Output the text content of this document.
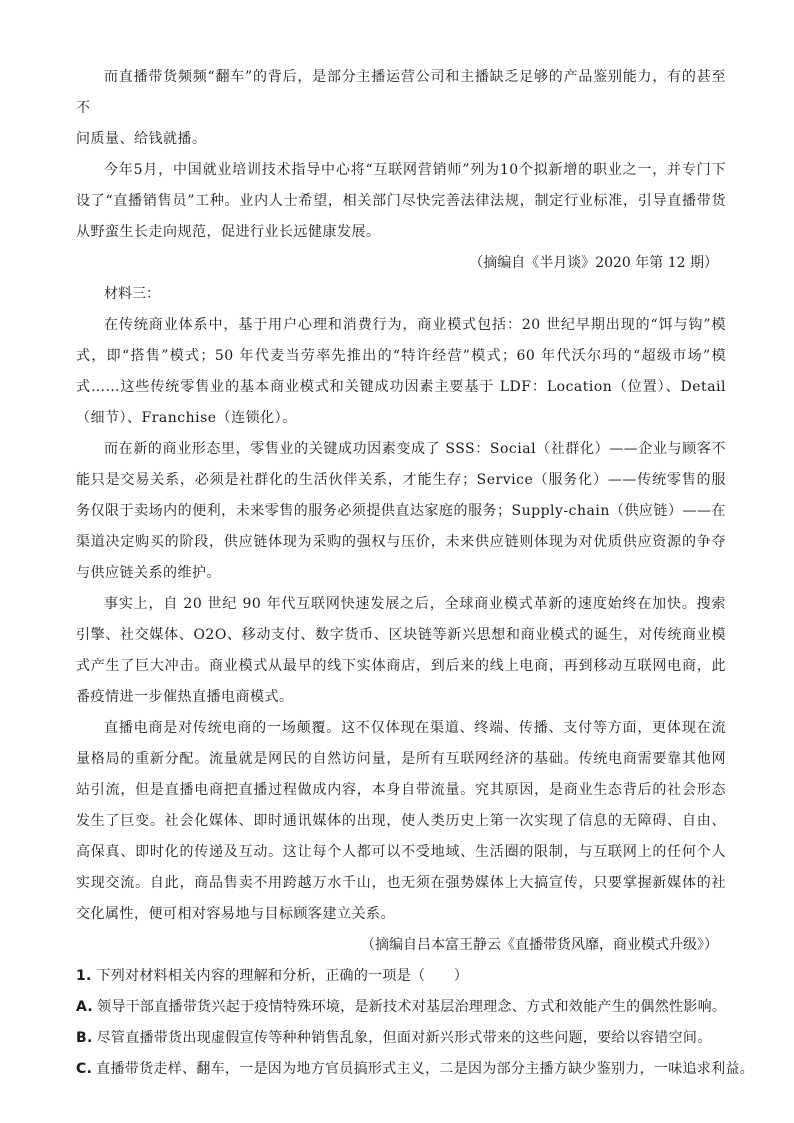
而直播带货频频“翻车”的背后，是部分主播运营公司和主播缺乏足够的产品鉴别能力，有的甚至不
问质量、给钱就播。

今年5月，中国就业培训技术指导中心将“互联网营销师”列为10个拟新增的职业之一，并专门下设了“直播销售员”工种。业内人士希望，相关部门尽快完善法律法规，制定行业标准，引导直播带货从野蛮生长走向规范，促进行业长远健康发展。

（摘编自《半月谈》2020 年第 12 期）

材料三：

在传统商业体系中，基于用户心理和消费行为，商业模式包括：20 世纪早期出现的“饵与钩”模式，即“搭售”模式；50 年代麦当劳率先推出的“特许经营”模式；60 年代沃尔玛的“超级市场”模式……这些传统零售业的基本商业模式和关键成功因素主要基于 LDF：Location（位置）、Detail（细节）、Franchise（连锁化）。

而在新的商业形态里，零售业的关键成功因素变成了 SSS：Social（社群化）——企业与顾客不能只是交易关系，必须是社群化的生活伙伴关系，才能生存；Service（服务化）——传统零售的服务仅限于卖场内的便利，未来零售的服务必须提供直达家庭的服务；Supply-chain（供应链）——在渠道决定购买的阶段，供应链体现为采购的强权与压价，未来供应链则体现为对优质供应资源的争夺与供应链关系的维护。

事实上，自 20 世纪 90 年代互联网快速发展之后，全球商业模式革新的速度始终在加快。搜索引擎、社交媒体、O2O、移动支付、数字货币、区块链等新兴思想和商业模式的诞生，对传统商业模式产生了巨大冲击。商业模式从最早的线下实体商店，到后来的线上电商，再到移动互联网电商，此番疫情进一步催热直播电商模式。

直播电商是对传统电商的一场颠覆。这不仅体现在渠道、终端、传播、支付等方面，更体现在流量格局的重新分配。流量就是网民的自然访问量，是所有互联网经济的基础。传统电商需要靠其他网站引流，但是直播电商把直播过程做成内容，本身自带流量。究其原因，是商业生态背后的社会形态发生了巨变。社会化媒体、即时通讯媒体的出现，使人类历史上第一次实现了信息的无障碍、自由、高保真、即时化的传递及互动。这让每个人都可以不受地域、生活圈的限制，与互联网上的任何个人实现交流。自此，商品售卖不用跨越万水千山，也无须在强势媒体上大搞宣传，只要掌握新媒体的社交化属性，便可相对容易地与目标顾客建立关系。

（摘编自吕本富王静云《直播带货风靡，商业模式升级》）

1. 下列对材料相关内容的理解和分析，正确的一项是（　　）

A. 领导干部直播带货兴起于疫情特殊环境，是新技术对基层治理理念、方式和效能产生的偶然性影响。

B. 尽管直播带货出现虚假宣传等种种销售乱象，但面对新兴形式带来的这些问题，要给以容错空间。

C. 直播带货走样、翻车，一是因为地方官员搞形式主义，二是因为部分主播方缺少鉴别力，一味追求利益。
